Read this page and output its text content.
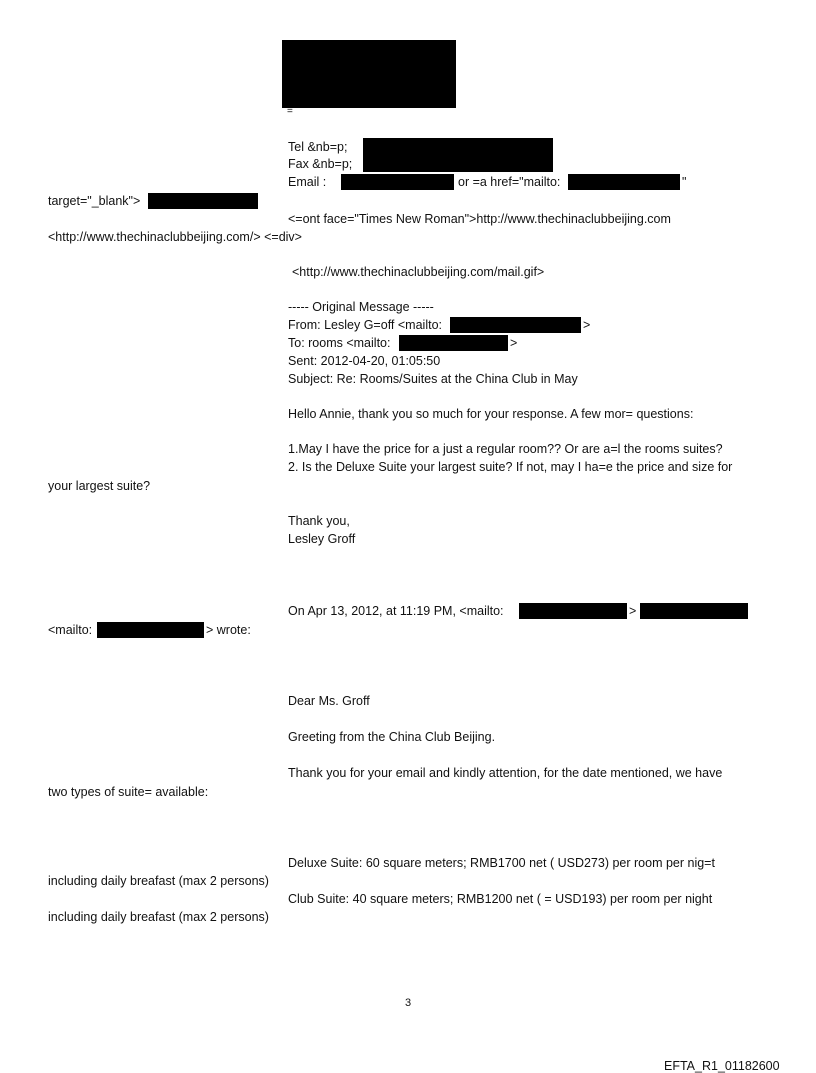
=
Tel &nb=p;
Fax &nb=p;
Email :	or =a href="mailto:	"
target="_blank">
<=ont face="Times New Roman">http://www.thechinaclubbeijing.com
<http://www.thechinaclubbeijing.com/> <=div>
<http://www.thechinaclubbeijing.com/mail.gif>
----- Original Message -----
From: Lesley G=off <mailto:	>
To: rooms <mailto:	>
Sent: 2012-04-20, 01:05:50
Subject: Re: Rooms/Suites at the China Club in May
Hello Annie, thank you so much for your response. A few mor= questions:
1.May I have the price for a just a regular room?? Or are a=l the rooms suites?
2. Is the Deluxe Suite your largest suite? If not, may I ha=e the price and size for
your largest suite?
Thank you,
Lesley Groff
On Apr 13, 2012, at 11:19 PM, <mailto:	>
<mailto:	> wrote:
Dear Ms. Groff
Greeting from the China Club Beijing.
Thank you for your email and kindly attention, for the date mentioned, we have
two types of suite= available:
Deluxe Suite: 60 square meters; RMB1700 net ( USD273) per room per nig=t
including daily breafast (max 2 persons)
Club Suite: 40 square meters; RMB1200 net ( = USD193) per room per night
including daily breafast (max 2 persons)
3
EFTA_R1_01182600
